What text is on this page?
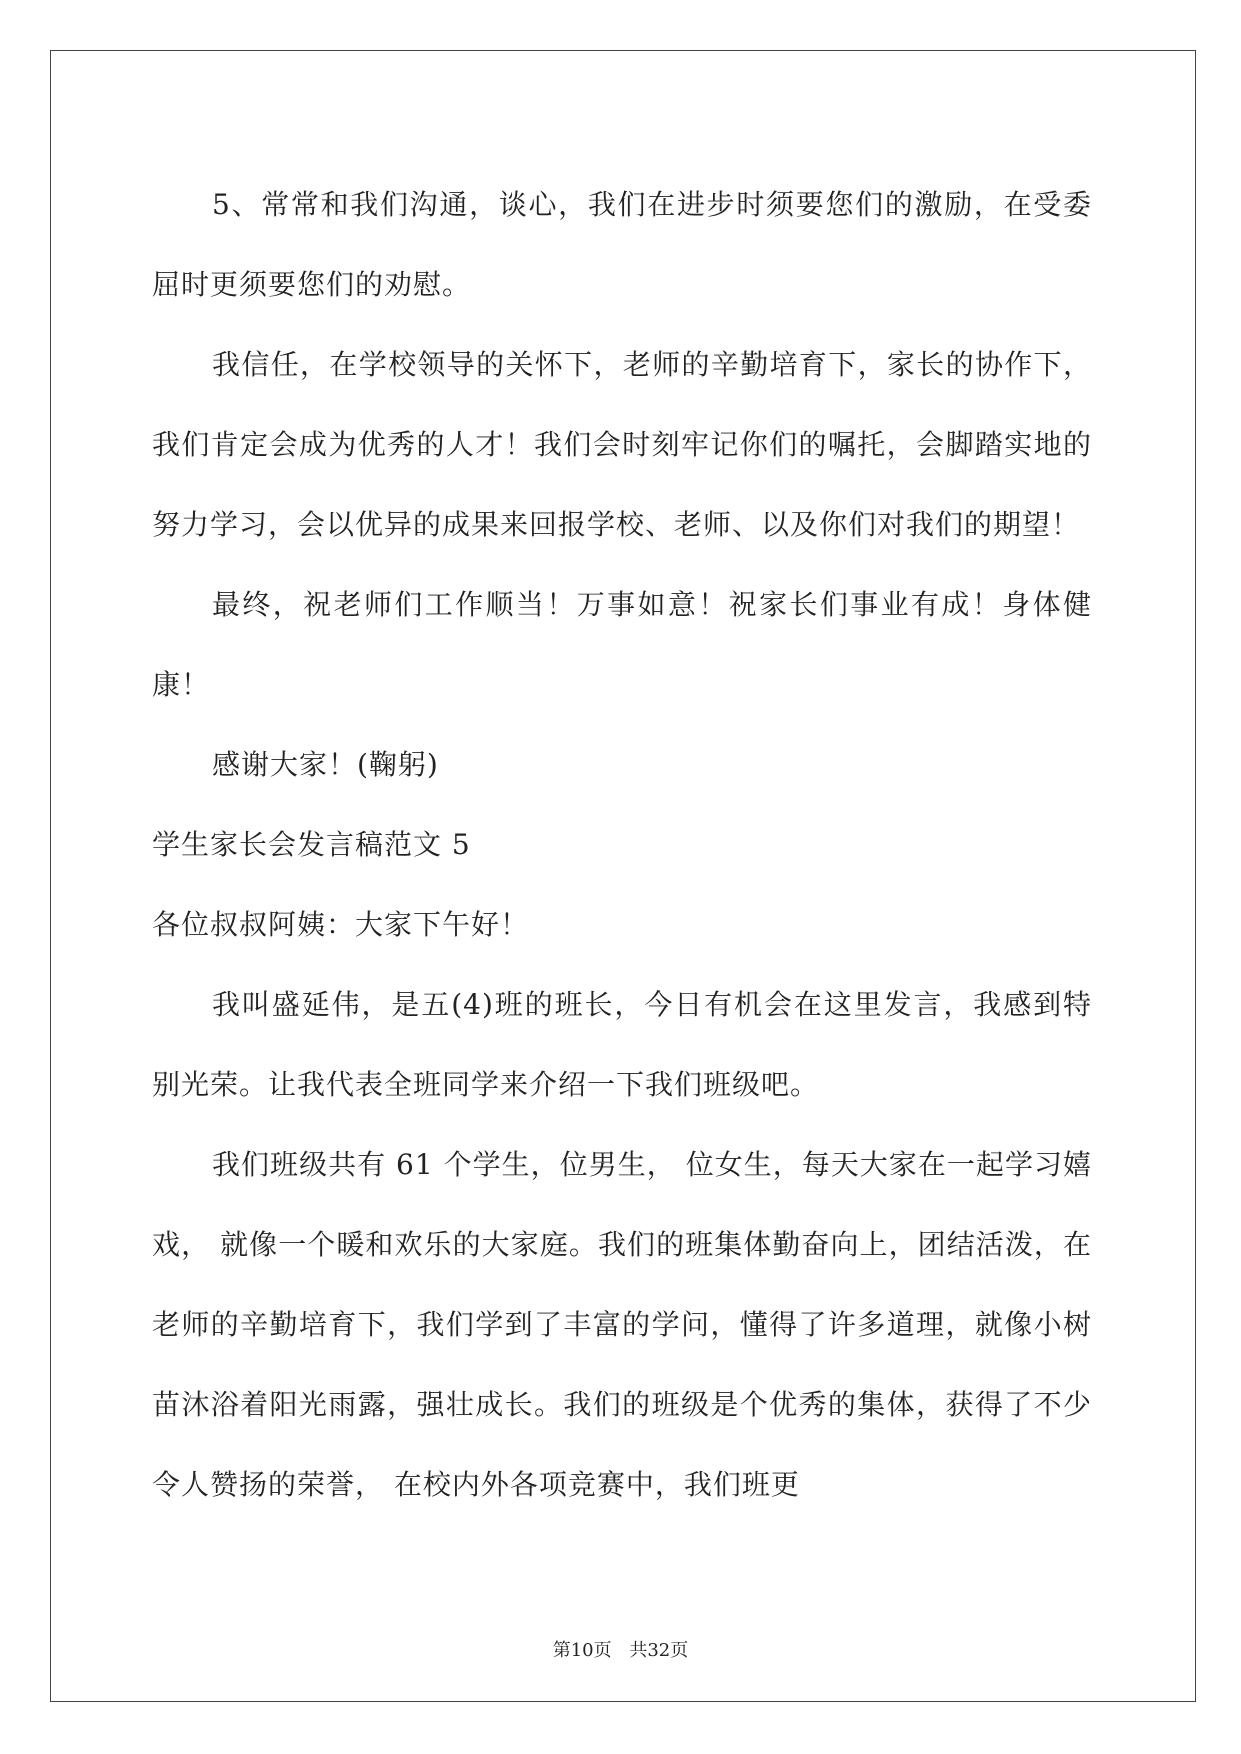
5、常常和我们沟通，谈心，我们在进步时须要您们的激励，在受委屈时更须要您们的劝慰。

我信任，在学校领导的关怀下，老师的辛勤培育下，家长的协作下，我们肯定会成为优秀的人才！我们会时刻牢记你们的嘱托，会脚踏实地的努力学习，会以优异的成果来回报学校、老师、以及你们对我们的期望！

最终，祝老师们工作顺当！万事如意！祝家长们事业有成！身体健康！

感谢大家！(鞠躬)

学生家长会发言稿范文 5

各位叔叔阿姨：大家下午好！

我叫盛延伟，是五(4)班的班长，今日有机会在这里发言，我感到特别光荣。让我代表全班同学来介绍一下我们班级吧。

我们班级共有 61 个学生，位男生， 位女生，每天大家在一起学习嬉戏， 就像一个暖和欢乐的大家庭。我们的班集体勤奋向上，团结活泼，在老师的辛勤培育下，我们学到了丰富的学问，懂得了许多道理，就像小树苗沐浴着阳光雨露，强壮成长。我们的班级是个优秀的集体，获得了不少令人赞扬的荣誉， 在校内外各项竞赛中，我们班更

第10页 共32页
